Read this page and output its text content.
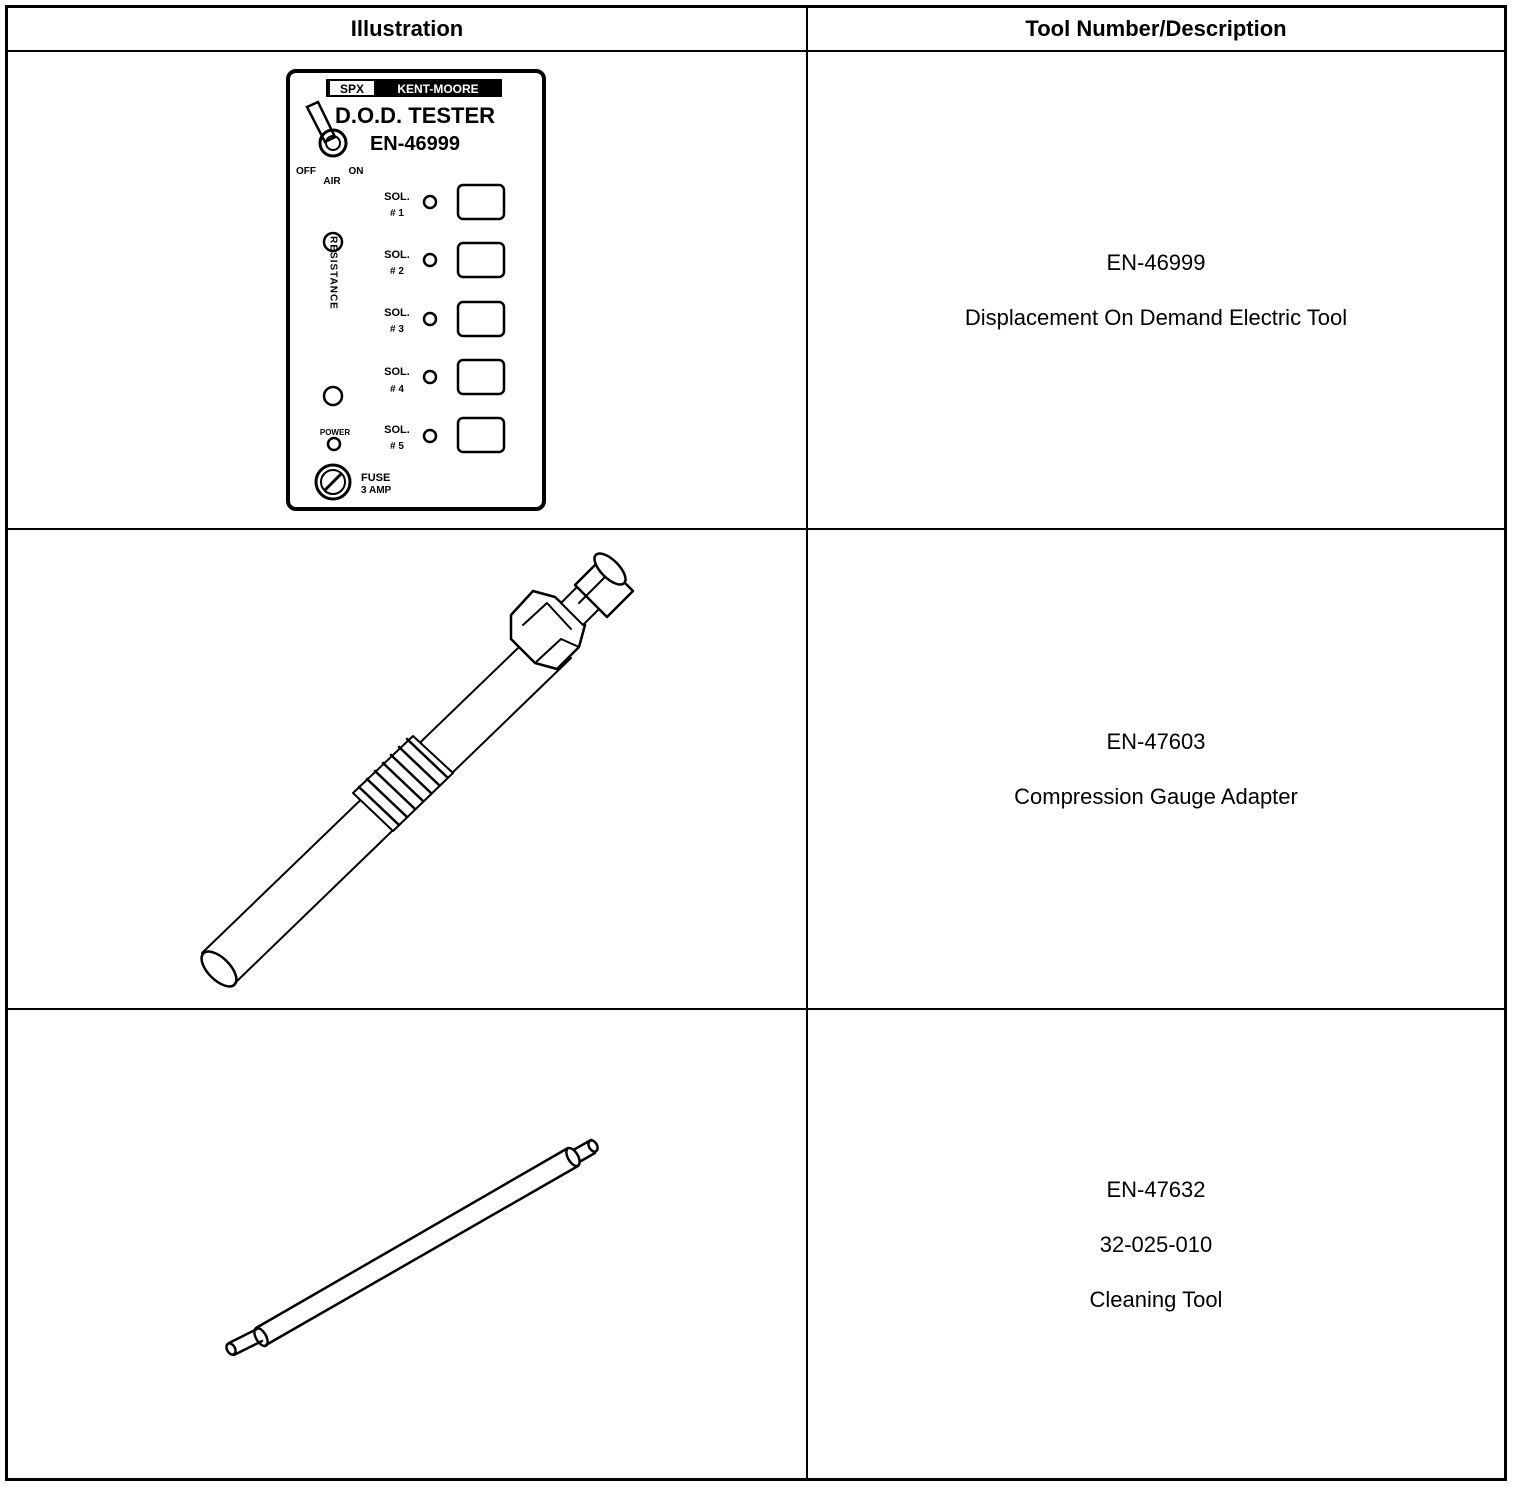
Illustration	Tool Number/Description
SPX	KENT-MOORE
D.O.D. TESTER
EN-46999
OFF
AIR
ON
RESISTANCE
POWER
FUSE
3 AMP
SOL.
# 1
SOL.
# 2
SOL.
# 3
SOL.
# 4
SOL.
# 5
EN-46999
Displacement On Demand Electric Tool
EN-47603
Compression Gauge Adapter
EN-47632
32-025-010
Cleaning Tool
